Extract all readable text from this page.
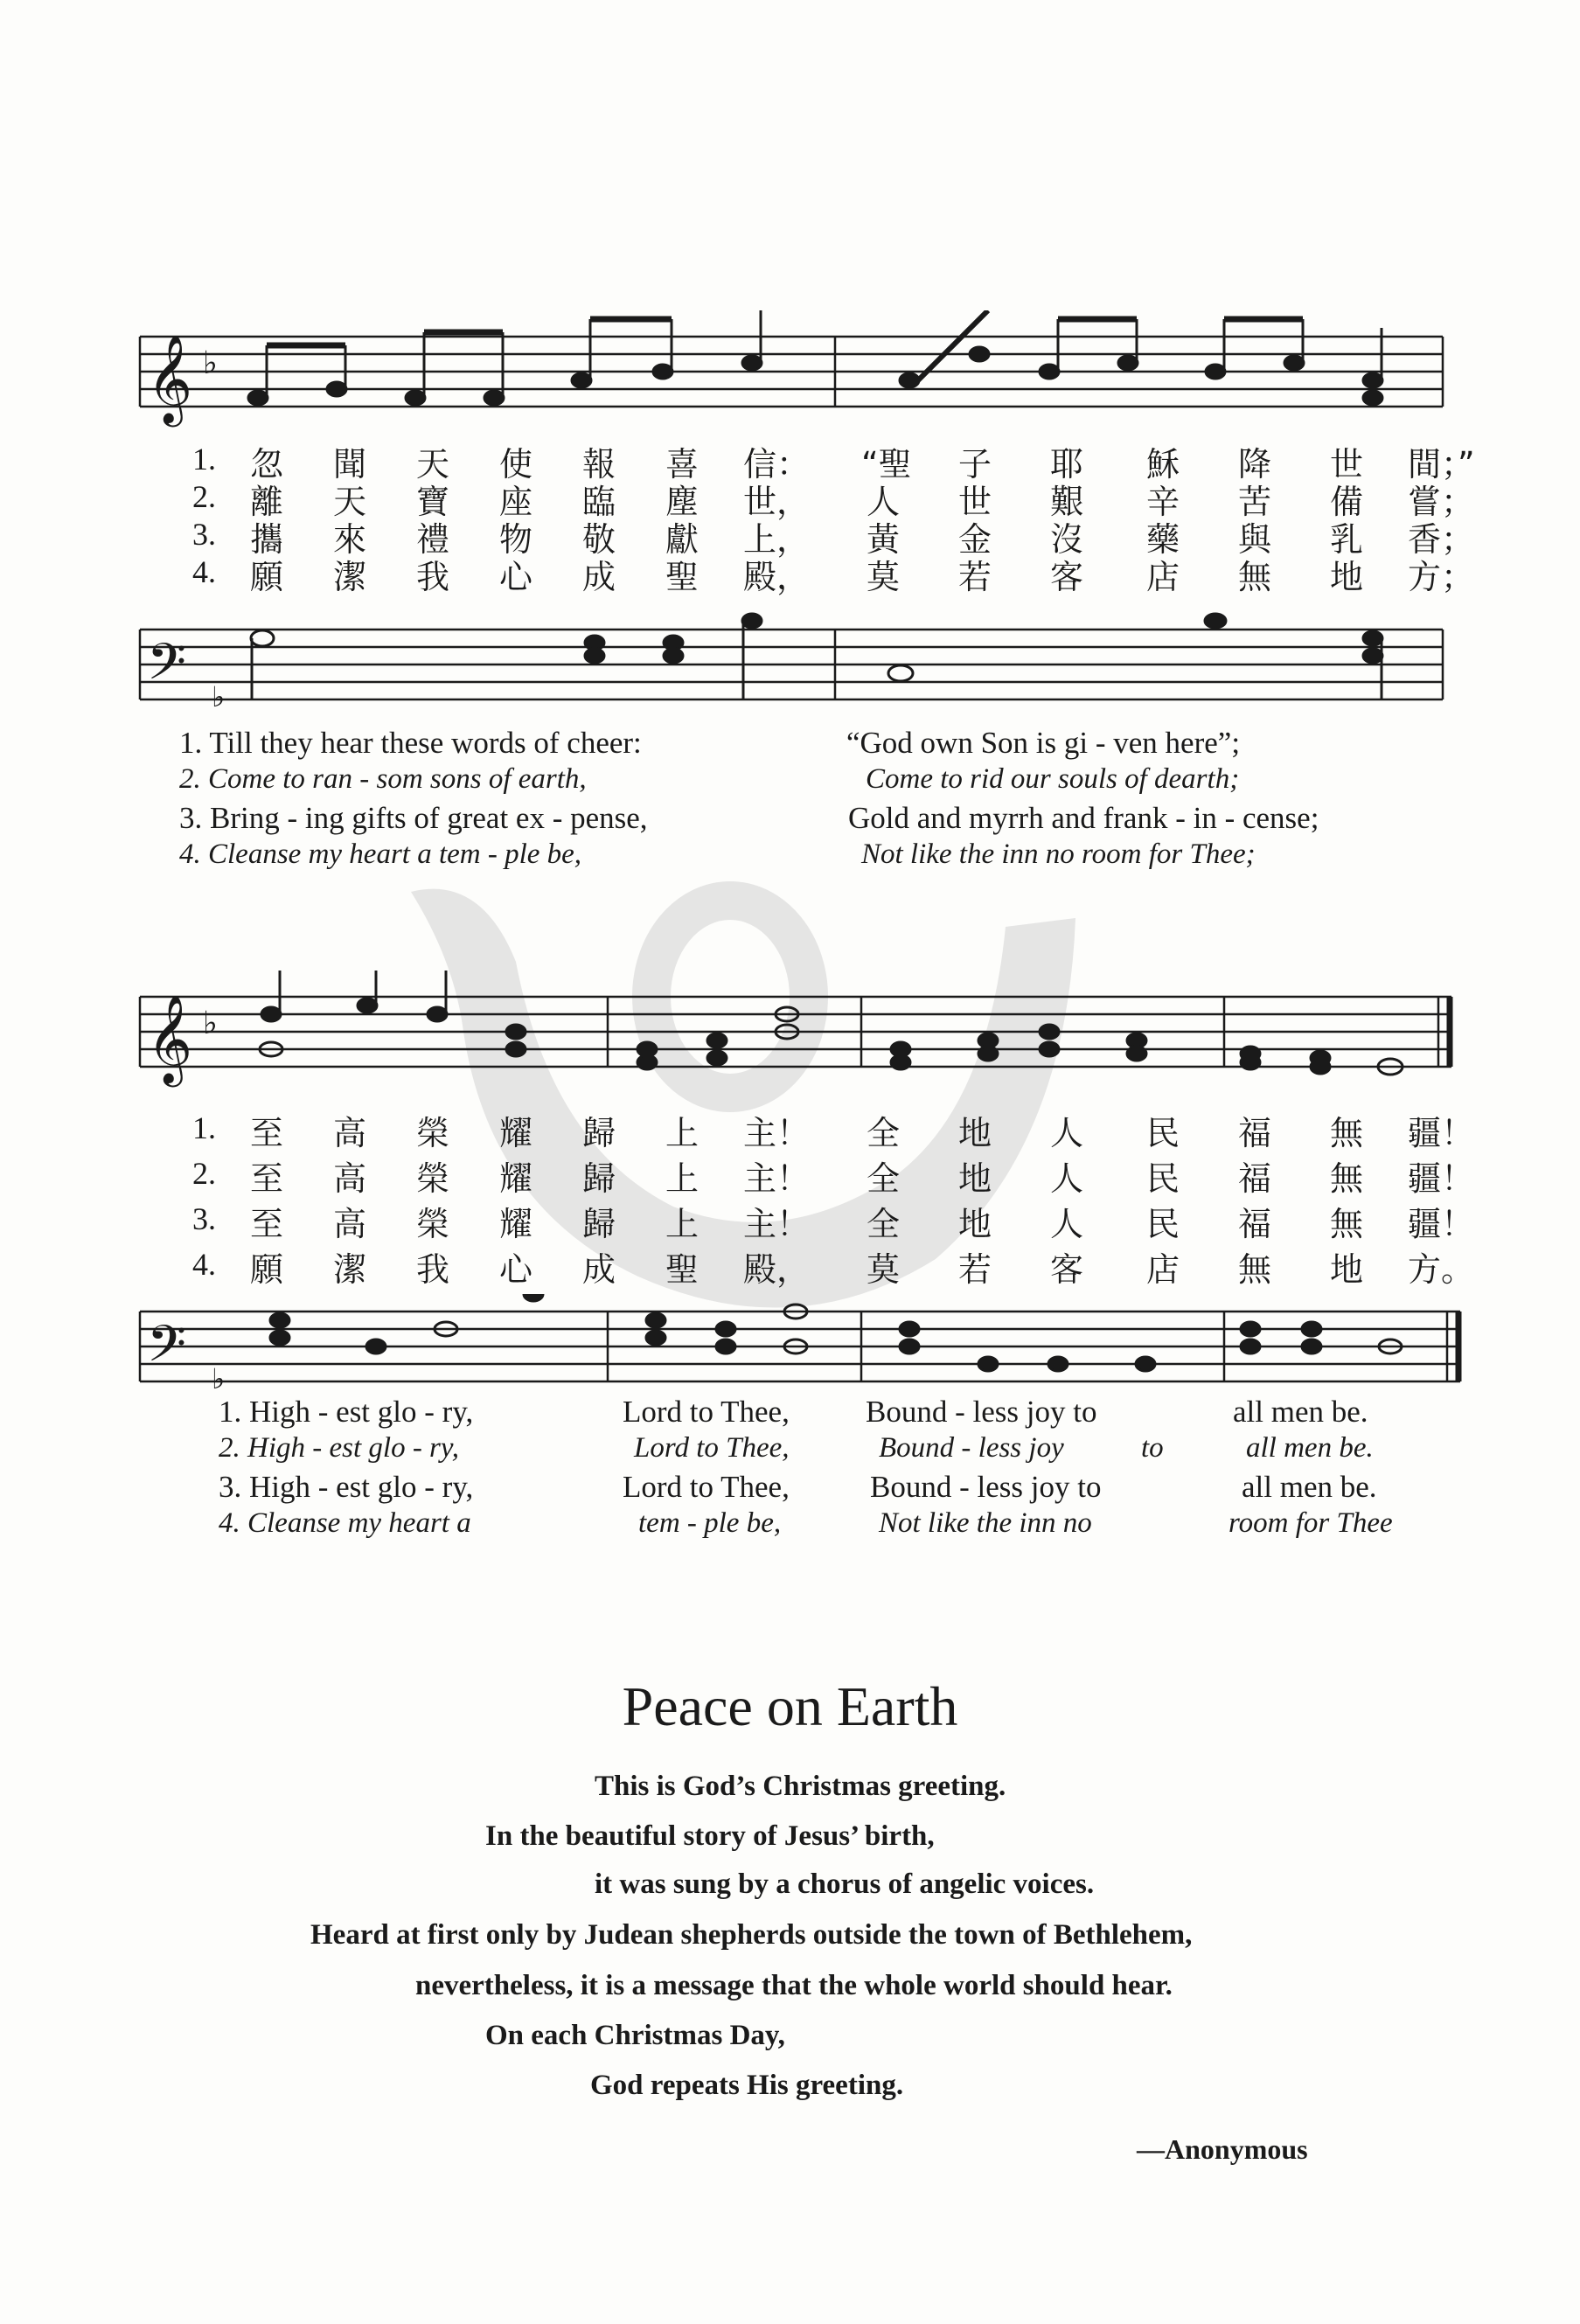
𝄞 ♭
𝄢 ♭
1. 忽 聞 天 使 報 喜 信： “聖 子 耶 穌 降 世 間；”
2. 離 天 寶 座 臨 塵 世， 人 世 艱 辛 苦 備 嘗；
3. 攜 來 禮 物 敬 獻 上， 黃 金 沒 藥 與 乳 香；
4. 願 潔 我 心 成 聖 殿， 莫 若 客 店 無 地 方；
1. Till they hear these words of cheer:	“God own Son is gi - ven here”;
2. Come to ran - som sons of earth,	Come to rid our souls of dearth;
3. Bring - ing gifts of great ex - pense,	Gold and myrrh and frank - in - cense;
4. Cleanse my heart a tem - ple be,	Not like the inn no room for Thee;
𝄞 ♭
𝄢 ♭
1. 至 高 榮 耀 歸 上 主！ 全 地 人 民 福 無 疆！
2. 至 高 榮 耀 歸 上 主！ 全 地 人 民 福 無 疆！
3. 至 高 榮 耀 歸 上 主！ 全 地 人 民 福 無 疆！
4. 願 潔 我 心 成 聖 殿， 莫 若 客 店 無 地 方。
1. High - est glo - ry,	Lord to Thee, Bound - less joy to	all men be.
2. High - est glo - ry,	Lord to Thee,	Bound - less joy	to	all men be.
3. High - est glo - ry,	Lord to Thee,	Bound - less joy to	all men be.
4. Cleanse my heart a	tem - ple be,	Not like the inn no	room for Thee
Peace on Earth
This is God’s Christmas greeting.
In the beautiful story of Jesus’ birth,
it was sung by a chorus of angelic voices.
Heard at first only by Judean shepherds outside the town of Bethlehem,
nevertheless, it is a message that the whole world should hear.
On each Christmas Day,
God repeats His greeting.
—Anonymous
